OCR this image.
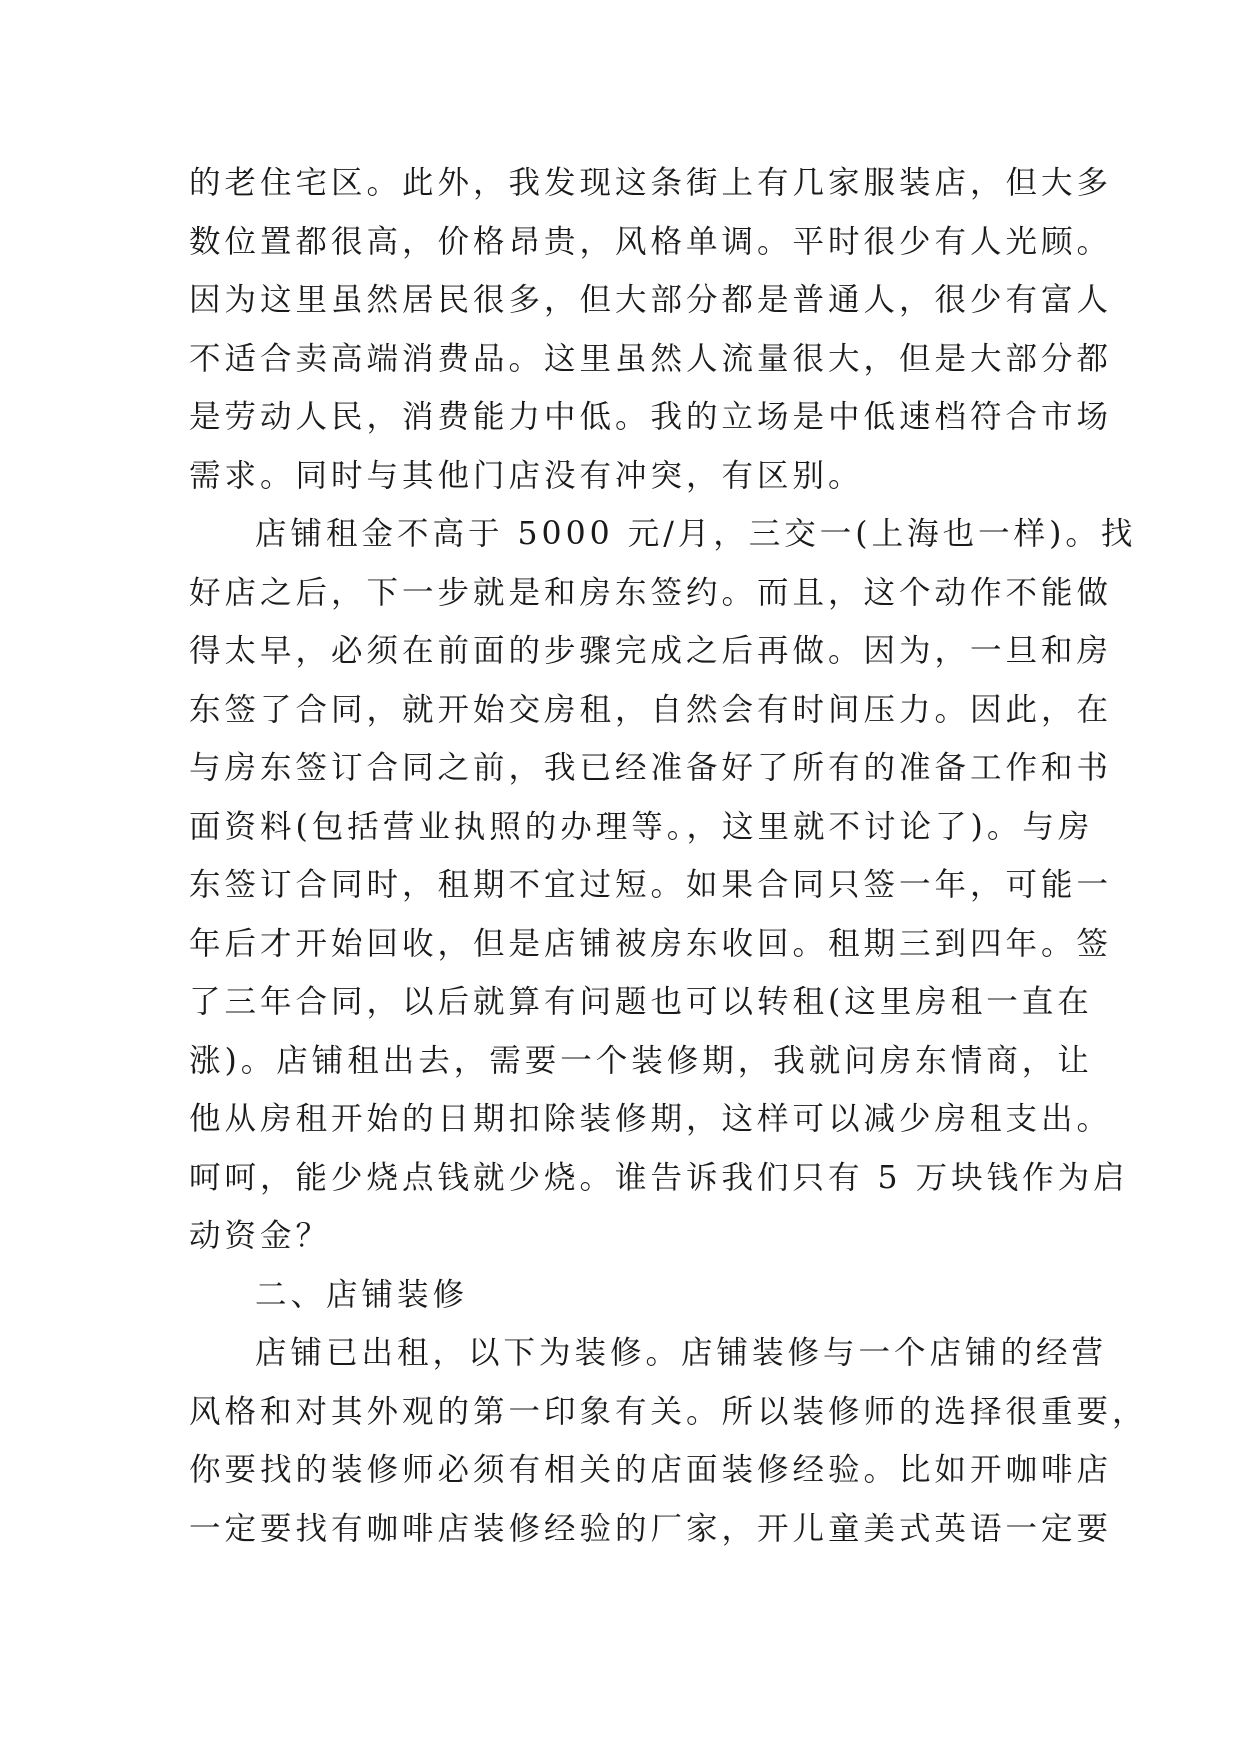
的老住宅区。此外，我发现这条街上有几家服装店，但大多
数位置都很高，价格昂贵，风格单调。平时很少有人光顾。
因为这里虽然居民很多，但大部分都是普通人，很少有富人
不适合卖高端消费品。这里虽然人流量很大，但是大部分都
是劳动人民，消费能力中低。我的立场是中低速档符合市场
需求。同时与其他门店没有冲突，有区别。
店铺租金不高于 5000 元/月，三交一(上海也一样)。找
好店之后，下一步就是和房东签约。而且，这个动作不能做
得太早，必须在前面的步骤完成之后再做。因为，一旦和房
东签了合同，就开始交房租，自然会有时间压力。因此，在
与房东签订合同之前，我已经准备好了所有的准备工作和书
面资料(包括营业执照的办理等。，这里就不讨论了)。与房
东签订合同时，租期不宜过短。如果合同只签一年，可能一
年后才开始回收，但是店铺被房东收回。租期三到四年。签
了三年合同，以后就算有问题也可以转租(这里房租一直在
涨)。店铺租出去，需要一个装修期，我就问房东情商，让
他从房租开始的日期扣除装修期，这样可以减少房租支出。
呵呵，能少烧点钱就少烧。谁告诉我们只有 5 万块钱作为启
动资金？
二、店铺装修
店铺已出租，以下为装修。店铺装修与一个店铺的经营
风格和对其外观的第一印象有关。所以装修师的选择很重要，
你要找的装修师必须有相关的店面装修经验。比如开咖啡店
一定要找有咖啡店装修经验的厂家，开儿童美式英语一定要
